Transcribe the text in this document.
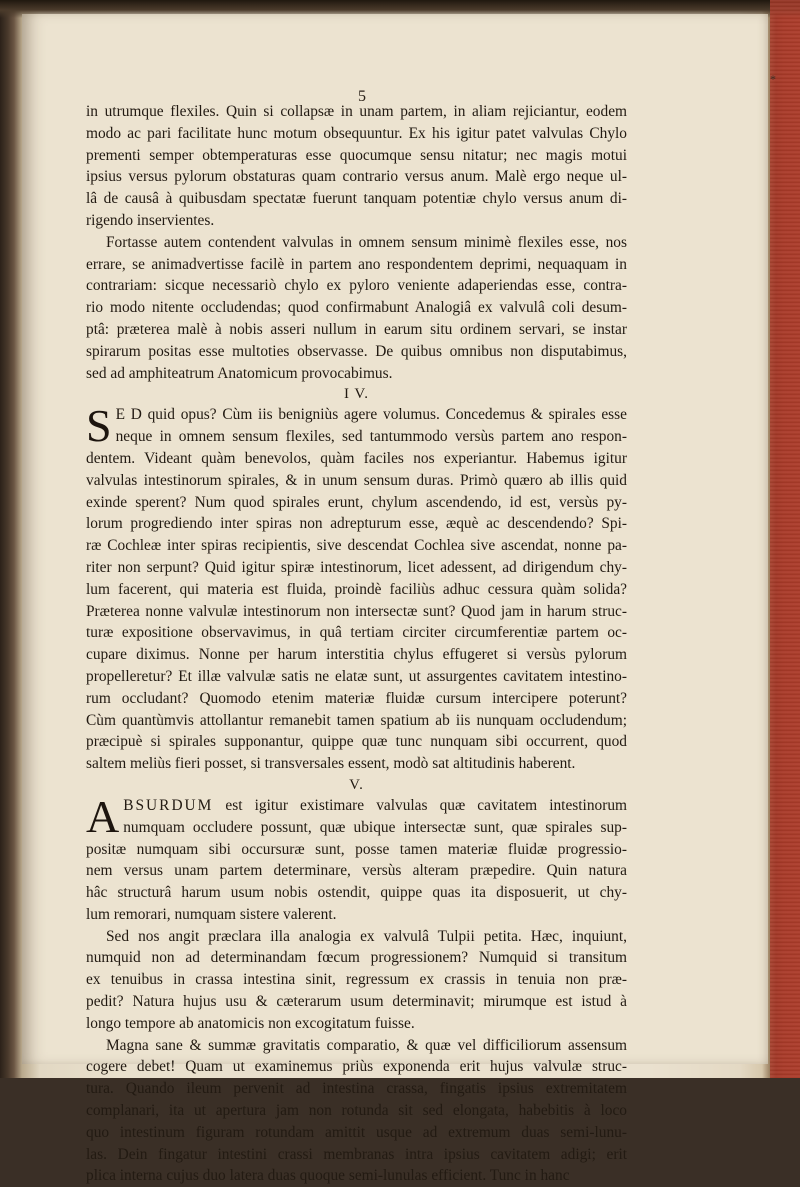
*
5
in utrumque flexiles. Quin si collapsæ in unam partem, in aliam rejiciantur, eodem
modo ac pari facilitate hunc motum obsequuntur. Ex his igitur patet valvulas Chylo
prementi semper obtemperaturas esse quocumque sensu nitatur; nec magis motui
ipsius versus pylorum obstaturas quam contrario versus anum. Malè ergo neque ul-
lâ de causâ à quibusdam spectatæ fuerunt tanquam potentiæ chylo versus anum di-
rigendo inservientes.
Fortasse autem contendent valvulas in omnem sensum minimè flexiles esse, nos
errare, se animadvertisse facilè in partem ano respondentem deprimi, nequaquam in
contrariam: sicque necessariò chylo ex pyloro veniente adaperiendas esse, contra-
rio modo nitente occludendas; quod confirmabunt Analogiâ ex valvulâ coli desum-
ptâ: præterea malè à nobis asseri nullum in earum situ ordinem servari, se instar
spirarum positas esse multoties observasse. De quibus omnibus non disputabimus,
sed ad amphiteatrum Anatomicum provocabimus.

I V.

S E D quid opus? Cùm iis benigniùs agere volumus. Concedemus & spirales esse
neque in omnem sensum flexiles, sed tantummodo versùs partem ano respon-
dentem. Videant quàm benevolos, quàm faciles nos experiantur. Habemus igitur
valvulas intestinorum spirales, & in unum sensum duras. Primò quæro ab illis quid
exinde sperent? Num quod spirales erunt, chylum ascendendo, id est, versùs py-
lorum progrediendo inter spiras non adrepturum esse, æquè ac descendendo? Spi-
ræ Cochleæ inter spiras recipientis, sive descendat Cochlea sive ascendat, nonne pa-
riter non serpunt? Quid igitur spiræ intestinorum, licet adessent, ad dirigendum chy-
lum facerent, qui materia est fluida, proindè faciliùs adhuc cessura quàm solida?
Præterea nonne valvulæ intestinorum non intersectæ sunt? Quod jam in harum struc-
turæ expositione observavimus, in quâ tertiam circiter circumferentiæ partem oc-
cupare diximus. Nonne per harum interstitia chylus effugeret si versùs pylorum
propelleretur? Et illæ valvulæ satis ne elatæ sunt, ut assurgentes cavitatem intestino-
rum occludant? Quomodo etenim materiæ fluidæ cursum intercipere poterunt?
Cùm quantùmvis attollantur remanebit tamen spatium ab iis nunquam occludendum;
præcipuè si spirales supponantur, quippe quæ tunc nunquam sibi occurrent, quod
saltem meliùs fieri posset, si transversales essent, modò sat altitudinis haberent.

V.

A BSURDUM est igitur existimare valvulas quæ cavitatem intestinorum
numquam occludere possunt, quæ ubique intersectæ sunt, quæ spirales sup-
positæ numquam sibi occursuræ sunt, posse tamen materiæ fluidæ progressio-
nem versus unam partem determinare, versùs alteram præpedire. Quin natura
hâc structurâ harum usum nobis ostendit, quippe quas ita disposuerit, ut chy-
lum remorari, numquam sistere valerent.
Sed nos angit præclara illa analogia ex valvulâ Tulpii petita. Hæc, inquiunt,
numquid non ad determinandam fœcum progressionem? Numquid si transitum
ex tenuibus in crassa intestina sinit, regressum ex crassis in tenuia non præ-
pedit? Natura hujus usu & cæterarum usum determinavit; mirumque est istud à
longo tempore ab anatomicis non excogitatum fuisse.
Magna sane & summæ gravitatis comparatio, & quæ vel difficiliorum assensum
cogere debet! Quam ut examinemus priùs exponenda erit hujus valvulæ struc-
tura. Quando ileum pervenit ad intestina crassa, fingatis ipsius extremitatem
complanari, ita ut apertura jam non rotunda sit sed elongata, habebitis à loco
quo intestinum figuram rotundam amittit usque ad extremum duas semi-lunu-
las. Dein fingatur intestini crassi membranas intra ipsius cavitatem adigi; erit
plica interna cujus duo latera duas quoque semi-lunulas efficient. Tunc in hanc
